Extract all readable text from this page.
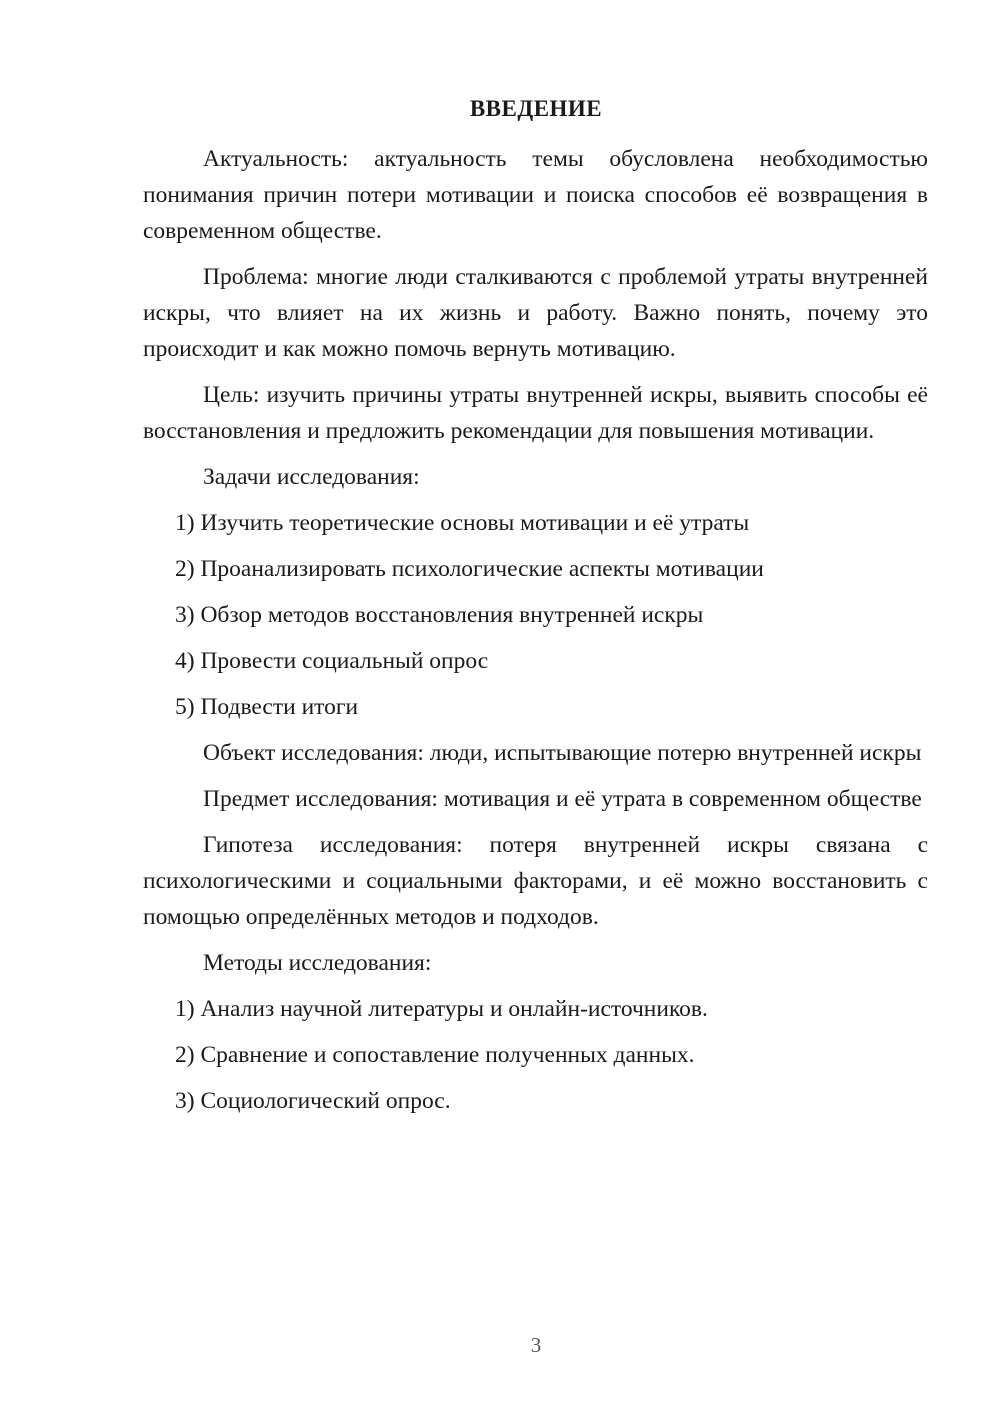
ВВЕДЕНИЕ

Актуальность: актуальность темы обусловлена необходимостью понимания причин потери мотивации и поиска способов её возвращения в современном обществе.

Проблема: многие люди сталкиваются с проблемой утраты внутренней искры, что влияет на их жизнь и работу. Важно понять, почему это происходит и как можно помочь вернуть мотивацию.

Цель: изучить причины утраты внутренней искры, выявить способы её восстановления и предложить рекомендации для повышения мотивации.

Задачи исследования:

1) Изучить теоретические основы мотивации и её утраты

2) Проанализировать психологические аспекты мотивации

3) Обзор методов восстановления внутренней искры

4) Провести социальный опрос

5) Подвести итоги

Объект исследования: люди, испытывающие потерю внутренней искры

Предмет исследования: мотивация и её утрата в современном обществе

Гипотеза исследования: потеря внутренней искры связана с психологическими и социальными факторами, и её можно восстановить с помощью определённых методов и подходов.

Методы исследования:

1) Анализ научной литературы и онлайн-источников.

2) Сравнение и сопоставление полученных данных.

3) Социологический опрос.

3
